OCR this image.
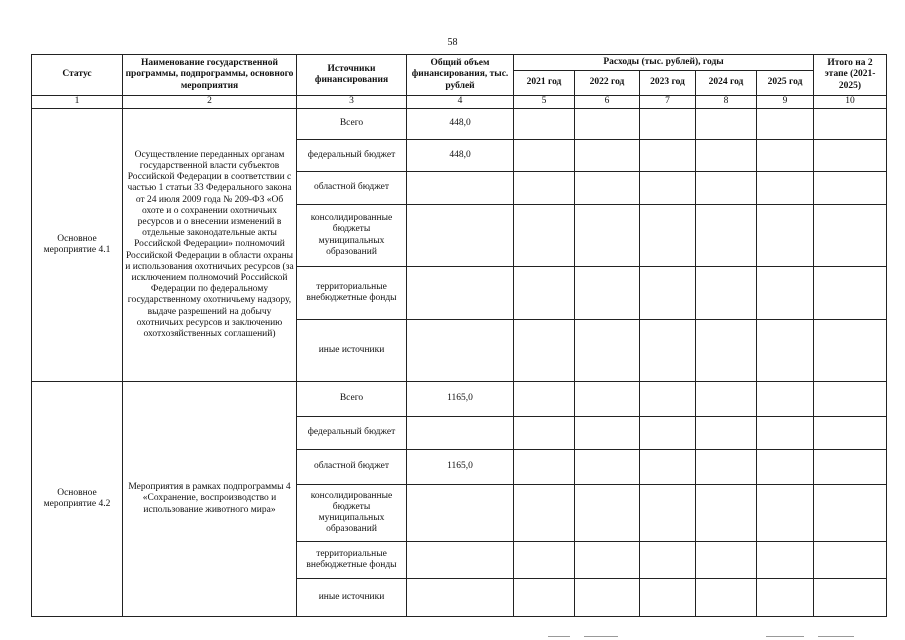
58
Статус	Наименование государственной программы, подпрограммы, основного мероприятия	Источники финансирования	Общий объем финансирования, тыс. рублей	Расходы (тыс. рублей), годы					Итого на 2 этапе (2021-2025)
				2021 год	2022 год	2023 год	2024 год	2025 год	
1	2	3	4	5	6	7	8	9	10
Основное мероприятие 4.1	Осуществление переданных органам государственной власти субъектов Российской Федерации в соответствии с частью 1 статьи 33 Федерального закона от 24 июля 2009 года № 209-ФЗ «Об охоте и о сохранении охотничьих ресурсов и о внесении изменений в отдельные законодательные акты Российской Федерации» полномочий Российской Федерации в области охраны и использования охотничьих ресурсов (за исключением полномочий Российской Федерации по федеральному государственному охотничьему надзору, выдаче разрешений на добычу охотничьих ресурсов и заключению охотхозяйственных соглашений)	Всего	448,0						
		федеральный бюджет	448,0						
		областной бюджет							
		консолидированные бюджеты муниципальных образований							
		территориальные внебюджетные фонды							
		иные источники							
Основное мероприятие 4.2	Мероприятия в рамках подпрограммы 4 «Сохранение, воспроизводство и использование животного мира»	Всего	1165,0						
		федеральный бюджет							
		областной бюджет	1165,0						
		консолидированные бюджеты муниципальных образований							
		территориальные внебюджетные фонды							
		иные источники							
